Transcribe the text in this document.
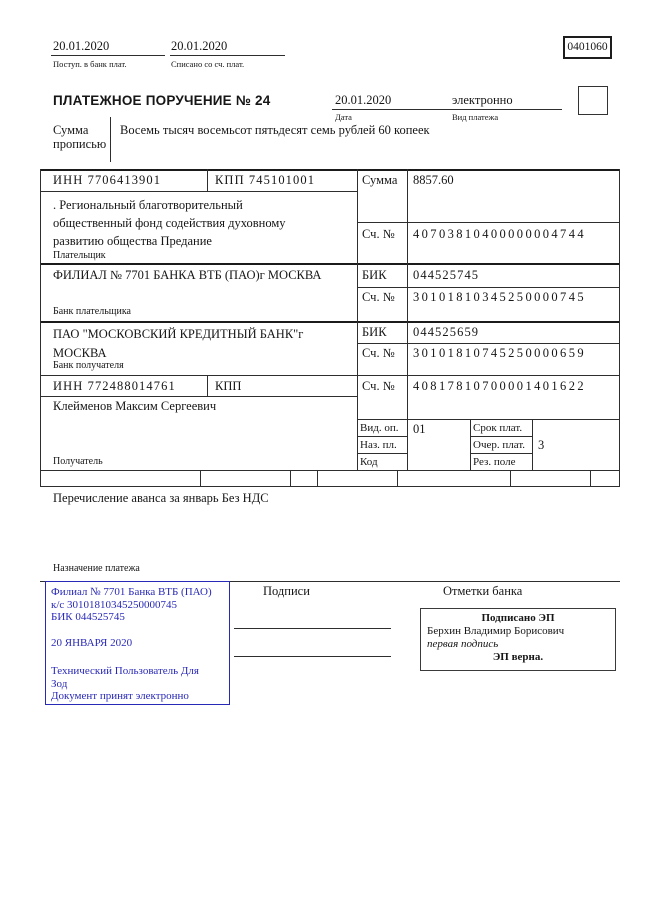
20.01.2020
Поступ. в банк плат.
20.01.2020
Списано со сч. плат.
0401060
ПЛАТЕЖНОЕ ПОРУЧЕНИЕ № 24	20.01.2020
Дата
электронно
Вид платежа
Сумма
прописью
Восемь тысяч восемьсот пятьдесят семь рублей 60 копеек
ИНН 7706413901	КПП 745101001
. Региональный благотворительный общественный фонд содействия духовному развитию общества Предание
Плательщик
Сумма 8857.60
Сч. № 40703810400000004744
ФИЛИАЛ № 7701 БАНКА ВТБ (ПАО)г МОСКВА	БИК 044525745
Сч. № 30101810345250000745
Банк плательщика
ПАО "МОСКОВСКИЙ КРЕДИТНЫЙ БАНК"г МОСКВА
БИК 044525659
Сч. № 30101810745250000659
Банк получателя
ИНН 772488014761	КПП	Сч. № 40817810700001401622
Клейменов Максим Сергеевич
Вид. оп. 01	Срок плат.
Наз. пл.	Очер. плат. 3
Код	Рез. поле
Получатель
Перечисление аванса за январь Без НДС
Назначение платежа
Филиал № 7701 Банка ВТБ (ПАО)
к/с 30101810345250000745
БИК 044525745
20 ЯНВАРЯ 2020
Технический Пользователь Для Зод
Документ принят электронно
Подписи	Отметки банка
Подписано ЭП
Берхин Владимир Борисович
первая подпись
ЭП верна.
